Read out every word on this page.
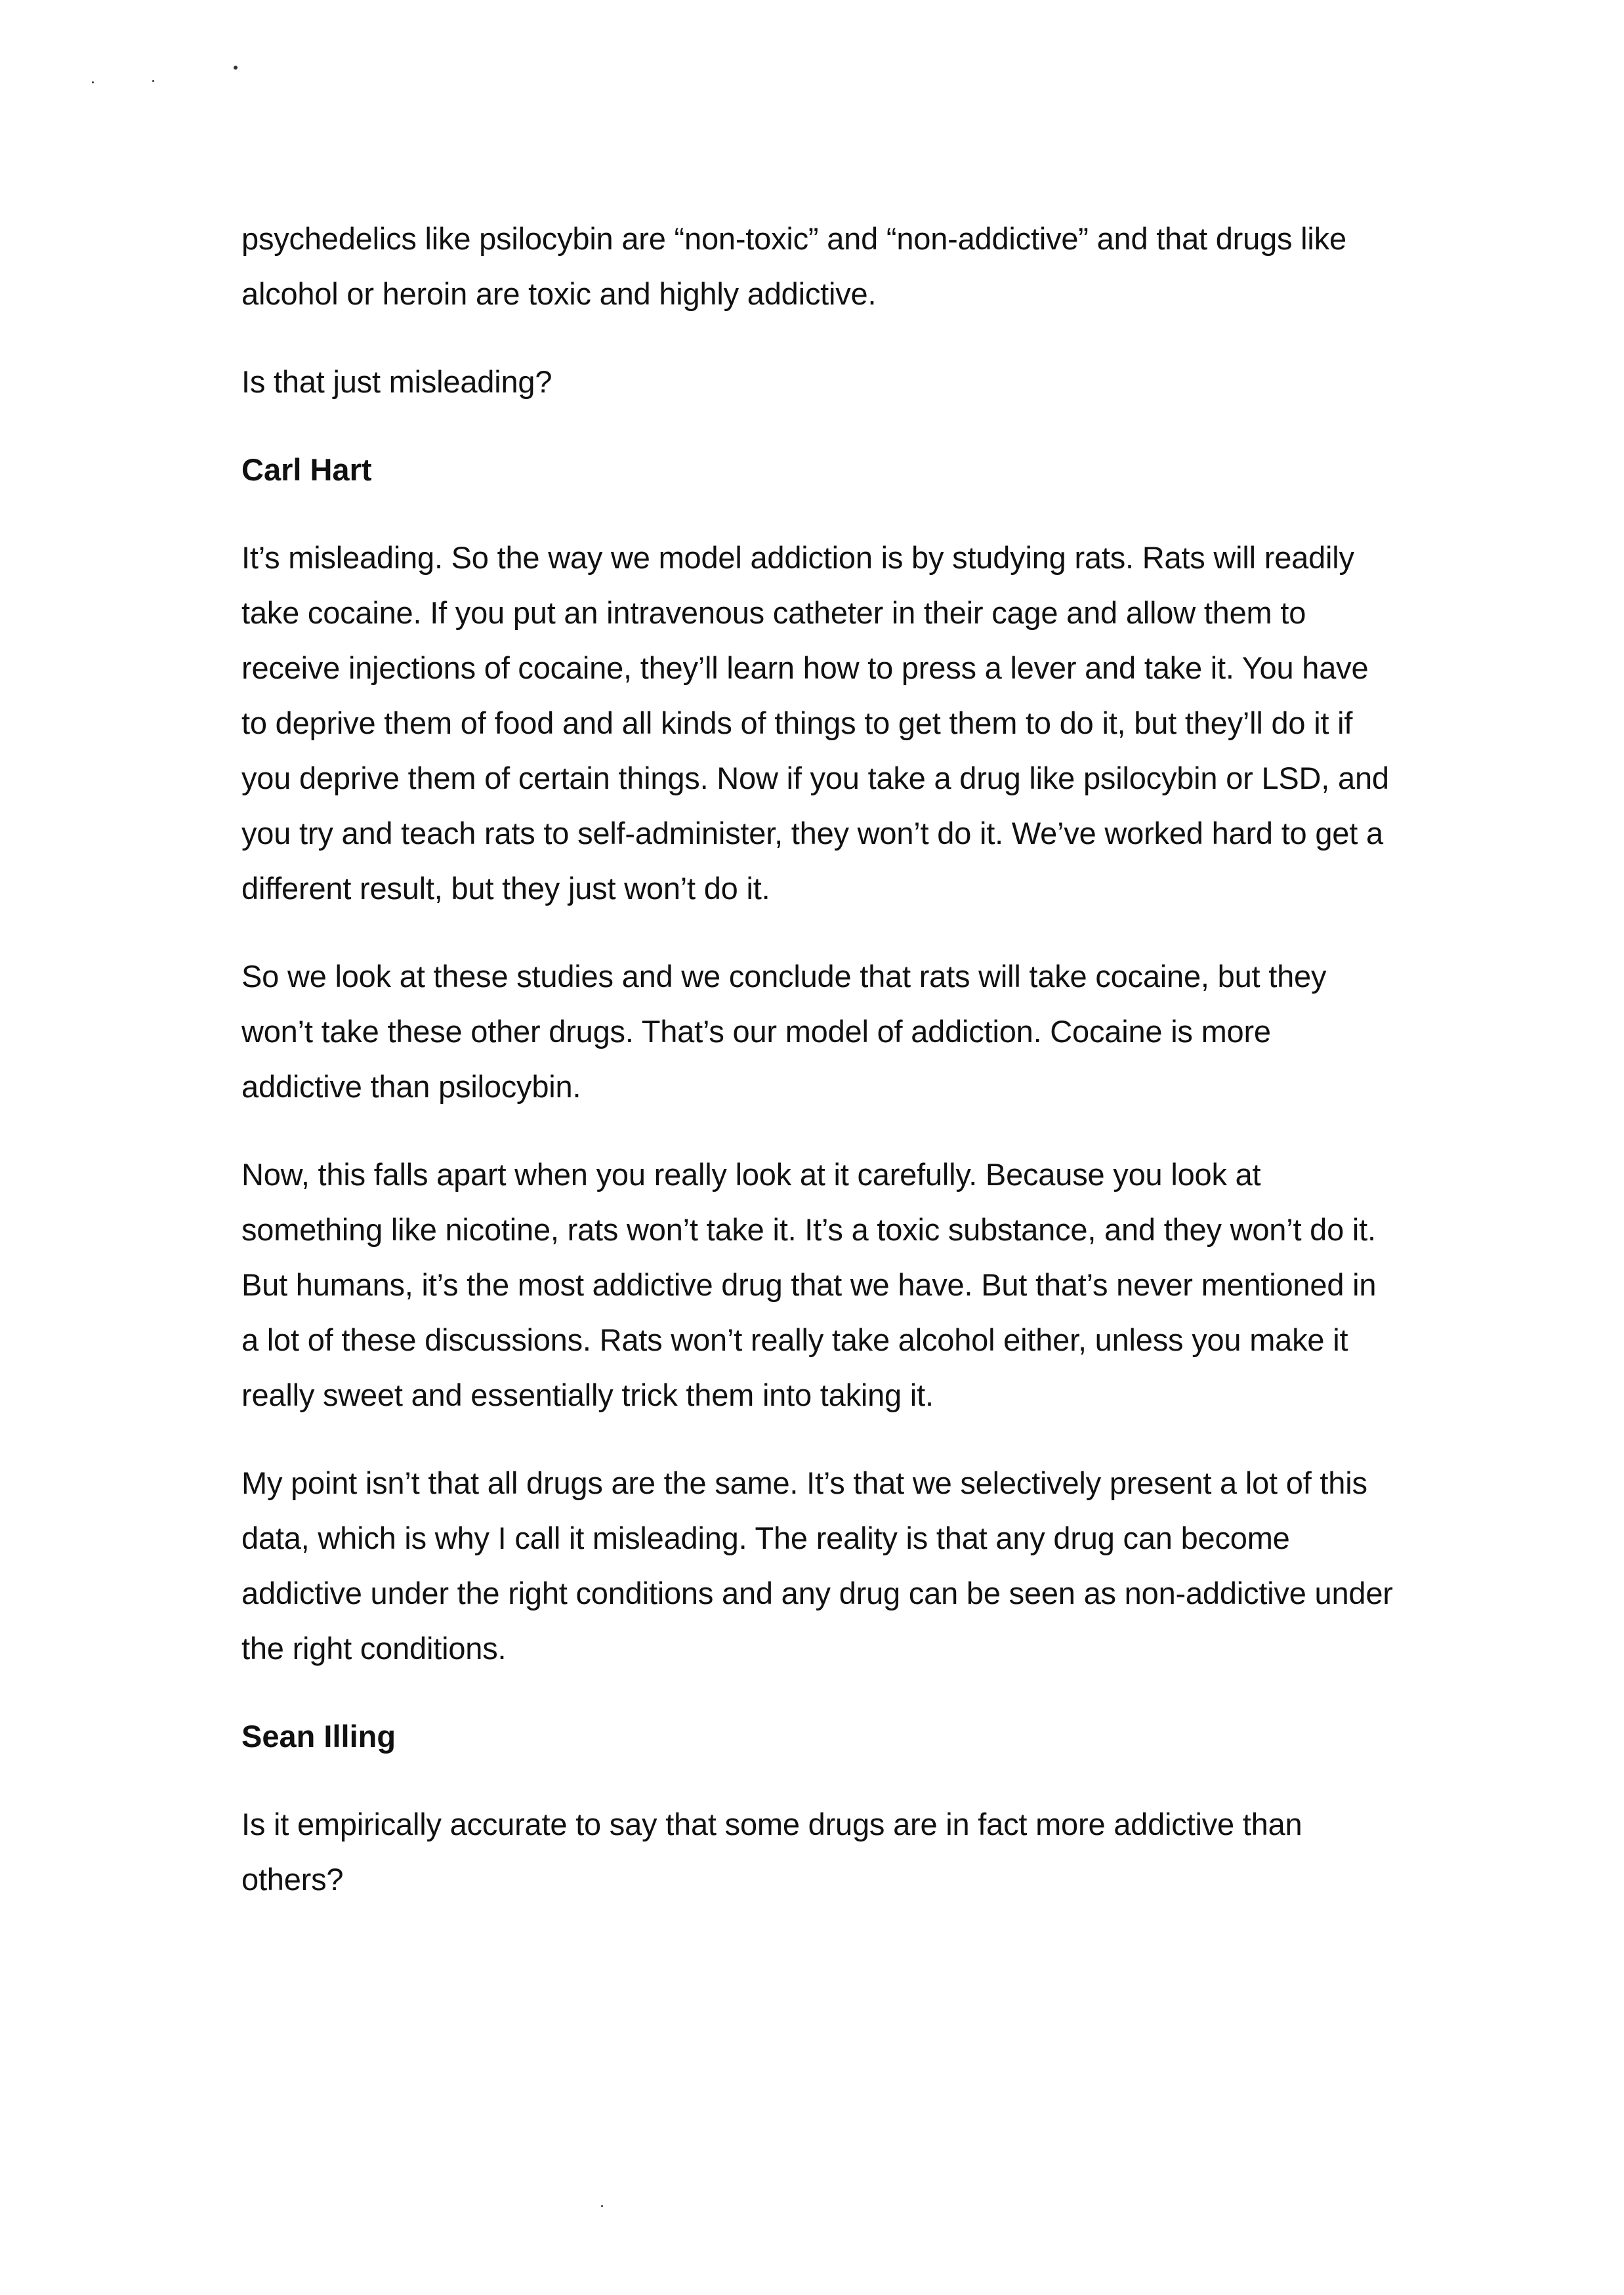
psychedelics like psilocybin are “non-toxic” and “non-addictive” and that drugs like alcohol or heroin are toxic and highly addictive.

Is that just misleading?

Carl Hart

It’s misleading. So the way we model addiction is by studying rats. Rats will readily take cocaine. If you put an intravenous catheter in their cage and allow them to receive injections of cocaine, they’ll learn how to press a lever and take it. You have to deprive them of food and all kinds of things to get them to do it, but they’ll do it if you deprive them of certain things. Now if you take a drug like psilocybin or LSD, and you try and teach rats to self-administer, they won’t do it. We’ve worked hard to get a different result, but they just won’t do it.

So we look at these studies and we conclude that rats will take cocaine, but they won’t take these other drugs. That’s our model of addiction. Cocaine is more addictive than psilocybin.

Now, this falls apart when you really look at it carefully. Because you look at something like nicotine, rats won’t take it. It’s a toxic substance, and they won’t do it. But humans, it’s the most addictive drug that we have. But that’s never mentioned in a lot of these discussions. Rats won’t really take alcohol either, unless you make it really sweet and essentially trick them into taking it.

My point isn’t that all drugs are the same. It’s that we selectively present a lot of this data, which is why I call it misleading. The reality is that any drug can become addictive under the right conditions and any drug can be seen as non-addictive under the right conditions.

Sean Illing

Is it empirically accurate to say that some drugs are in fact more addictive than others?
